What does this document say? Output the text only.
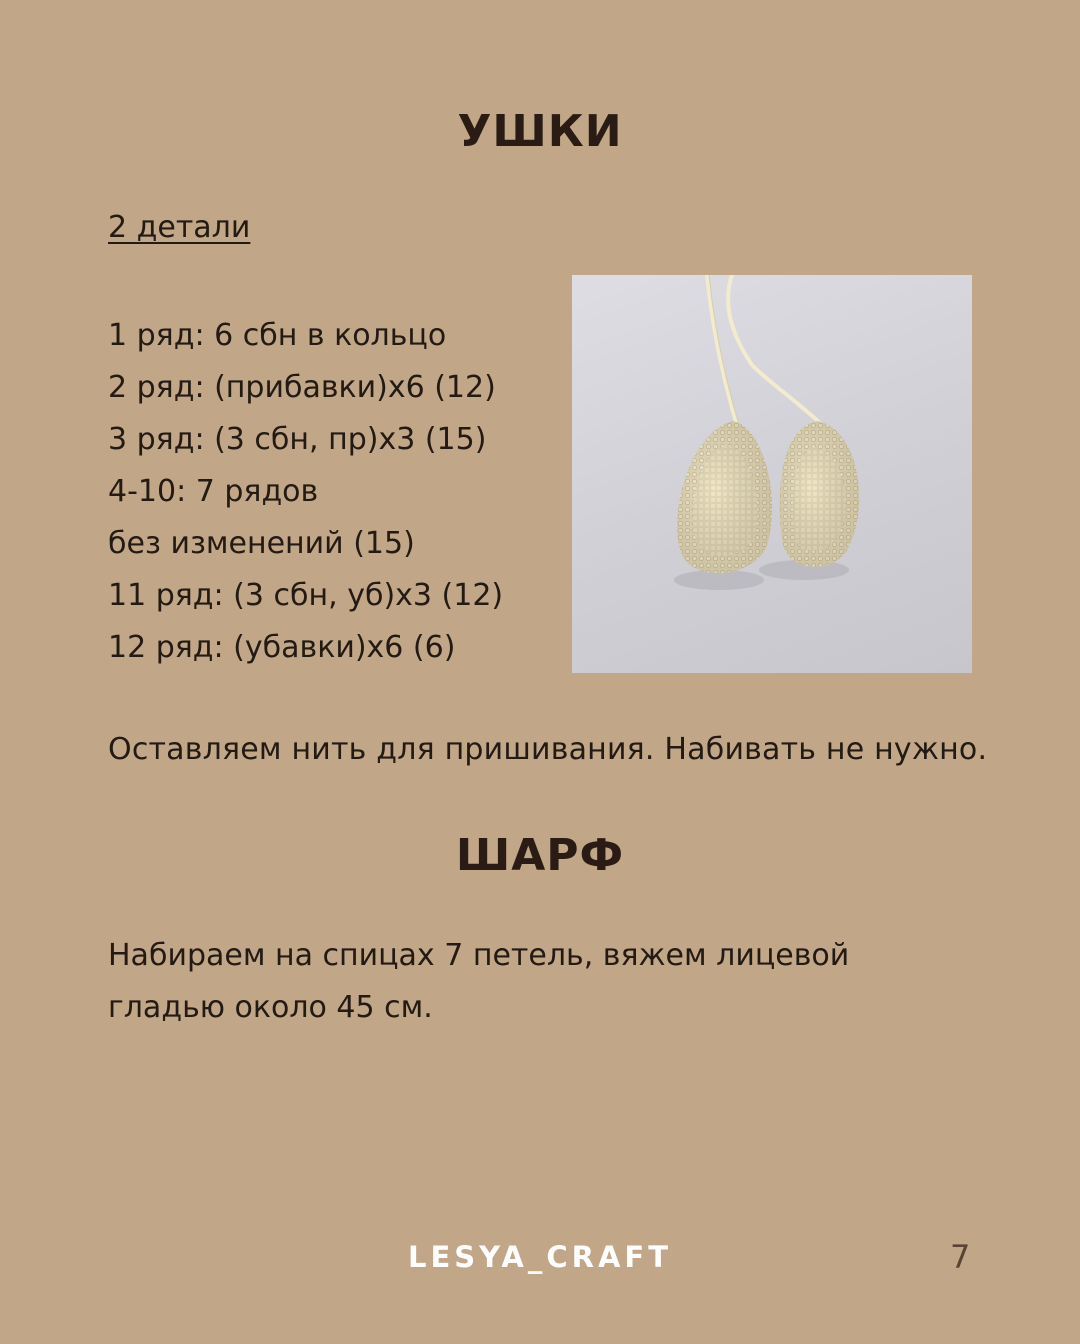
УШКИ

2 детали

1 ряд: 6 сбн в кольцо
2 ряд: (прибавки)х6 (12)
3 ряд: (3 сбн, пр)х3 (15)
4-10: 7 рядов
без изменений (15)
11 ряд: (3 сбн, уб)х3 (12)
12 ряд: (убавки)х6 (6)

Оставляем нить для пришивания. Набивать не нужно.

ШАРФ

Набираем на спицах 7 петель, вяжем лицевой
гладью около 45 см.

LESYA_CRAFT	7
